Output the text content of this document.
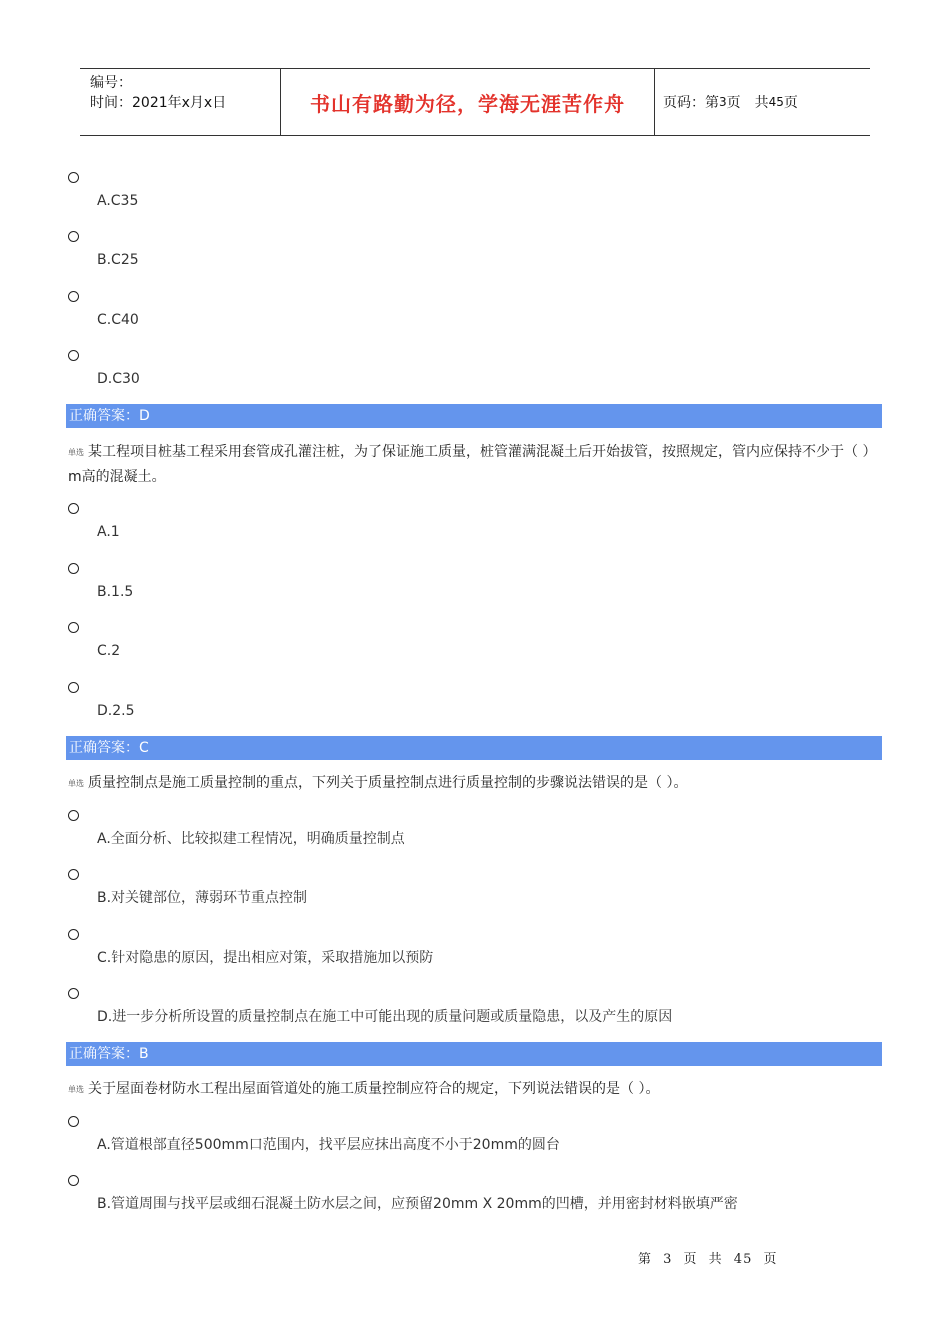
编号：
时间：2021年x月x日	书山有路勤为径，学海无涯苦作舟	页码：第 3 页　共 45 页
A.C35
B.C25
C.C40
D.C30
正确答案：D
单选 某工程项目桩基工程采用套管成孔灌注桩，为了保证施工质量，桩管灌满混凝土后开始拔管，按照规定，管内应保持不少于（ ）m高的混凝土。
A.1
B.1.5
C.2
D.2.5
正确答案：C
单选 质量控制点是施工质量控制的重点，下列关于质量控制点进行质量控制的步骤说法错误的是（ ）。
A.全面分析、比较拟建工程情况，明确质量控制点
B.对关键部位，薄弱环节重点控制
C.针对隐患的原因，提出相应对策，采取措施加以预防
D.进一步分析所设置的质量控制点在施工中可能出现的质量问题或质量隐患，以及产生的原因
正确答案：B
单选 关于屋面卷材防水工程出屋面管道处的施工质量控制应符合的规定，下列说法错误的是（ ）。
A.管道根部直径500mm口范围内，找平层应抹出高度不小于20mm的圆台
B.管道周围与找平层或细石混凝土防水层之间，应预留20mm X 20mm的凹槽，并用密封材料嵌填严密
第 3 页 共 45 页
